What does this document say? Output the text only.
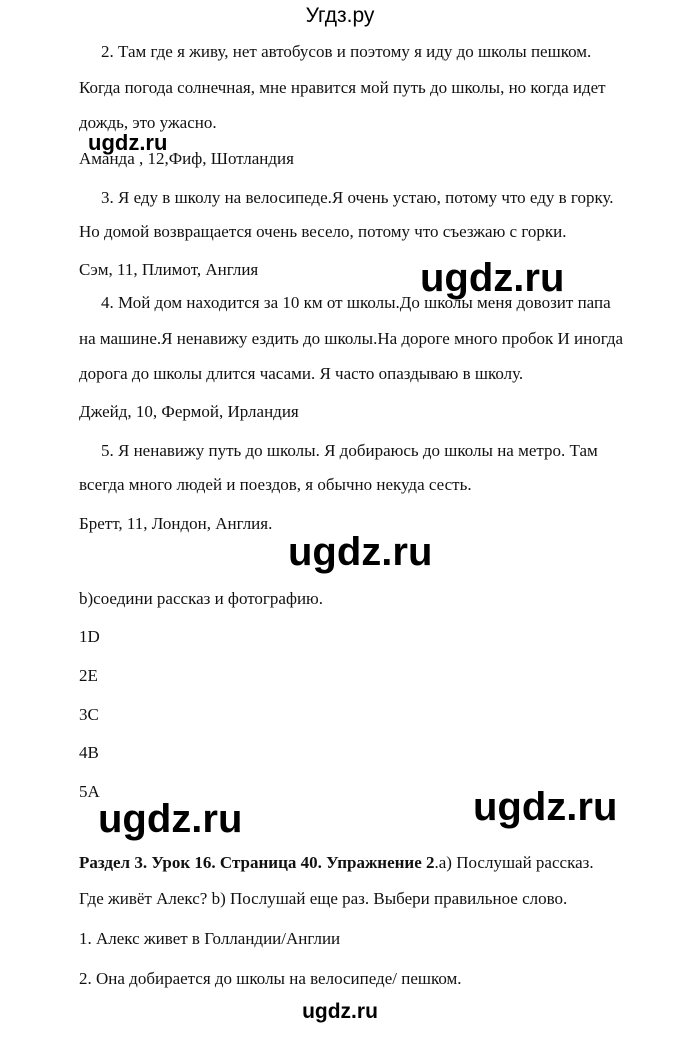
Угдз.ру
2. Там где я живу, нет автобусов и поэтому я иду до школы пешком.
Когда погода солнечная, мне нравится мой путь до школы, но когда идет
дождь, это ужасно.
ugdz.ru
Аманда , 12,Фиф, Шотландия
3. Я еду в школу на велосипеде.Я очень устаю, потому что еду в горку.
Но домой возвращается очень весело, потому что съезжаю с горки.
Сэм, 11, Плимот, Англия	ugdz.ru
4. Мой дом находится за 10 км от школы.До школы меня довозит папа
на машине.Я ненавижу ездить до школы.На дороге много пробок И иногда
дорога до школы длится часами. Я часто опаздываю в школу.
Джейд, 10, Фермой, Ирландия
5. Я ненавижу путь до школы. Я добираюсь до школы на метро. Там
всегда много людей и поездов, я обычно некуда сесть.
Бретт, 11, Лондон, Англия.
ugdz.ru
b)соедини рассказ и фотографию.
1D
2E
3C
4B
5A
ugdz.ru	ugdz.ru
Раздел 3. Урок 16. Страница 40. Упражнение 2.a) Послушай рассказ.
Где живёт Алекс? b) Послушай еще раз. Выбери правильное слово.
1. Алекс живет в Голландии/Англии
2. Она добирается до школы на велосипеде/ пешком.
ugdz.ru
